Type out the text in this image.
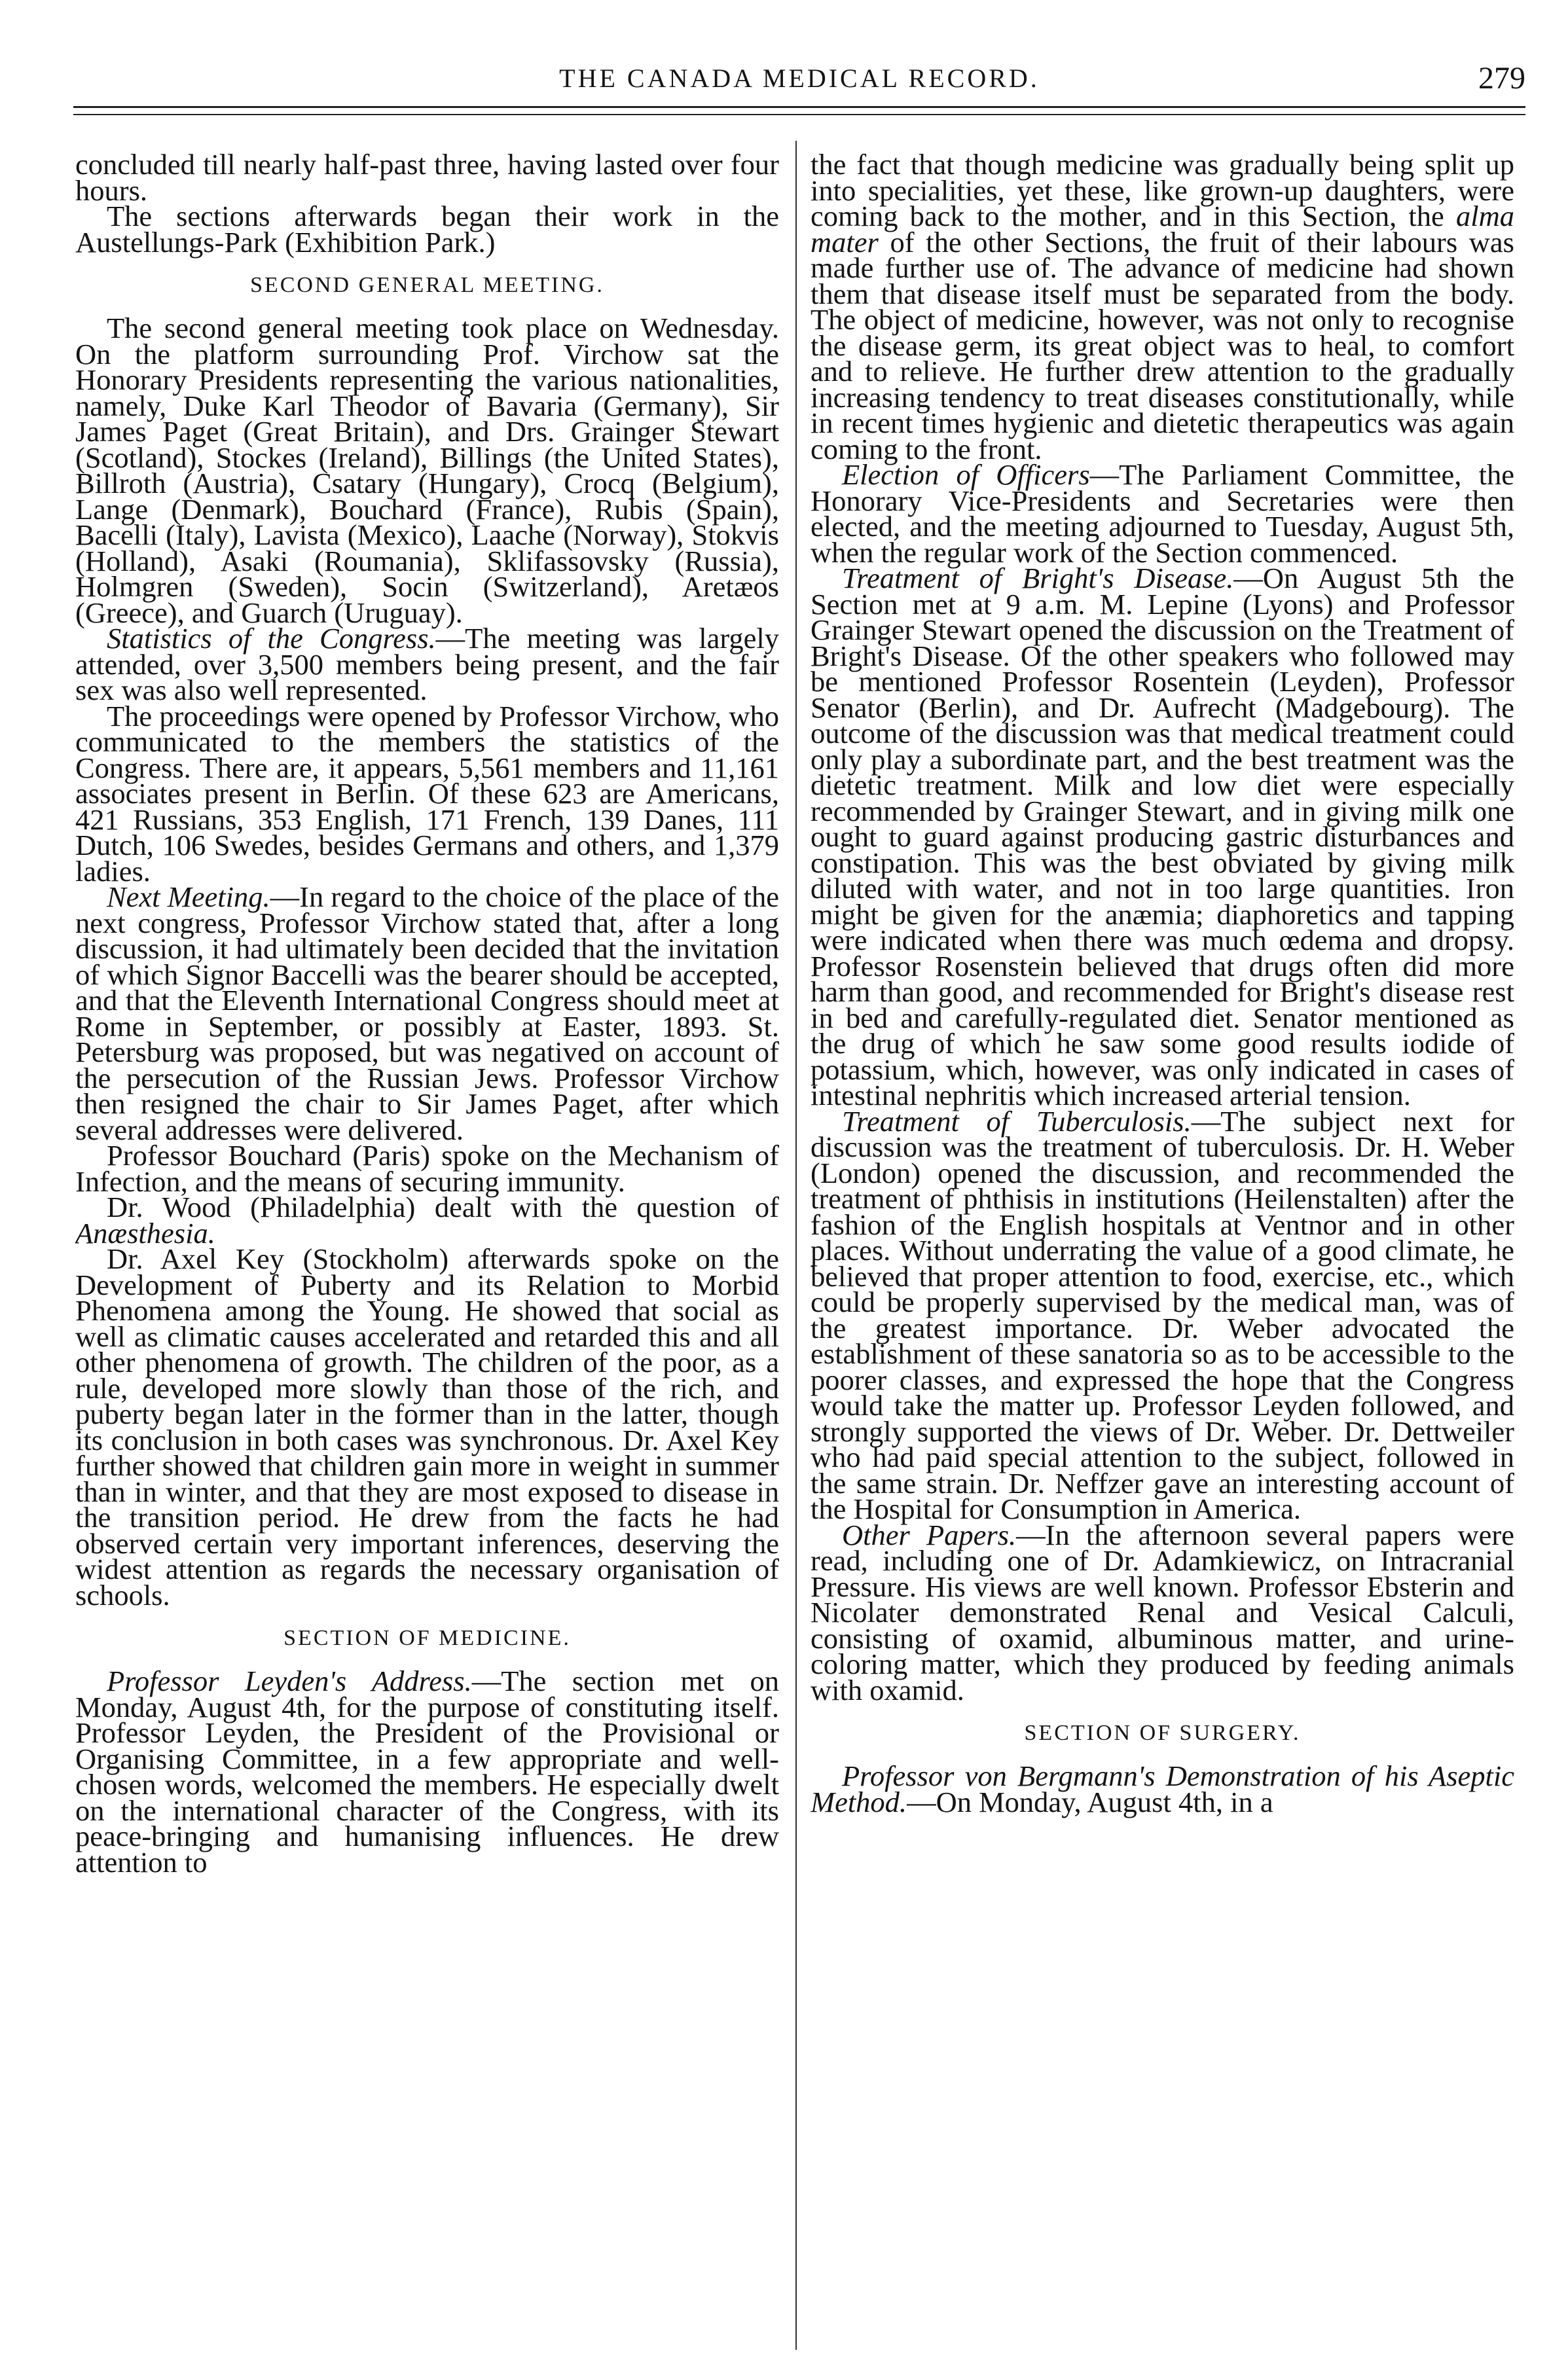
THE CANADA MEDICAL RECORD.	279

concluded till nearly half-past three, having lasted over four hours.

The sections afterwards began their work in the Austellungs-Park (Exhibition Park.)

SECOND GENERAL MEETING.

The second general meeting took place on Wednesday. On the platform surrounding Prof. Virchow sat the Honorary Presidents representing the various nationalities, namely, Duke Karl Theodor of Bavaria (Germany), Sir James Paget (Great Britain), and Drs. Grainger Stewart (Scotland), Stockes (Ireland), Billings (the United States), Billroth (Austria), Csatary (Hungary), Crocq (Belgium), Lange (Denmark), Bouchard (France), Rubis (Spain), Bacelli (Italy), Lavista (Mexico), Laache (Norway), Stokvis (Holland), Asaki (Roumania), Sklifassovsky (Russia), Holmgren (Sweden), Socin (Switzerland), Aretæos (Greece), and Guarch (Uruguay).

Statistics of the Congress.—The meeting was largely attended, over 3,500 members being present, and the fair sex was also well represented.

The proceedings were opened by Professor Virchow, who communicated to the members the statistics of the Congress. There are, it appears, 5,561 members and 11,161 associates present in Berlin. Of these 623 are Americans, 421 Russians, 353 English, 171 French, 139 Danes, 111 Dutch, 106 Swedes, besides Germans and others, and 1,379 ladies.

Next Meeting.—In regard to the choice of the place of the next congress, Professor Virchow stated that, after a long discussion, it had ultimately been decided that the invitation of which Signor Baccelli was the bearer should be accepted, and that the Eleventh International Congress should meet at Rome in September, or possibly at Easter, 1893. St. Petersburg was proposed, but was negatived on account of the persecution of the Russian Jews. Professor Virchow then resigned the chair to Sir James Paget, after which several addresses were delivered.

Professor Bouchard (Paris) spoke on the Mechanism of Infection, and the means of securing immunity.

Dr. Wood (Philadelphia) dealt with the question of Anæsthesia.

Dr. Axel Key (Stockholm) afterwards spoke on the Development of Puberty and its Relation to Morbid Phenomena among the Young. He showed that social as well as climatic causes accelerated and retarded this and all other phenomena of growth. The children of the poor, as a rule, developed more slowly than those of the rich, and puberty began later in the former than in the latter, though its conclusion in both cases was synchronous. Dr. Axel Key further showed that children gain more in weight in summer than in winter, and that they are most exposed to disease in the transition period. He drew from the facts he had observed certain very important inferences, deserving the widest attention as regards the necessary organisation of schools.

SECTION OF MEDICINE.

Professor Leyden's Address.—The section met on Monday, August 4th, for the purpose of constituting itself. Professor Leyden, the President of the Provisional or Organising Committee, in a few appropriate and well-chosen words, welcomed the members. He especially dwelt on the international character of the Congress, with its peace-bringing and humanising influences. He drew attention to

the fact that though medicine was gradually being split up into specialities, yet these, like grown-up daughters, were coming back to the mother, and in this Section, the alma mater of the other Sections, the fruit of their labours was made further use of. The advance of medicine had shown them that disease itself must be separated from the body. The object of medicine, however, was not only to recognise the disease germ, its great object was to heal, to comfort and to relieve. He further drew attention to the gradually increasing tendency to treat diseases constitutionally, while in recent times hygienic and dietetic therapeutics was again coming to the front.

Election of Officers—The Parliament Committee, the Honorary Vice-Presidents and Secretaries were then elected, and the meeting adjourned to Tuesday, August 5th, when the regular work of the Section commenced.

Treatment of Bright's Disease.—On August 5th the Section met at 9 a.m. M. Lepine (Lyons) and Professor Grainger Stewart opened the discussion on the Treatment of Bright's Disease. Of the other speakers who followed may be mentioned Professor Rosentein (Leyden), Professor Senator (Berlin), and Dr. Aufrecht (Madgebourg). The outcome of the discussion was that medical treatment could only play a subordinate part, and the best treatment was the dietetic treatment. Milk and low diet were especially recommended by Grainger Stewart, and in giving milk one ought to guard against producing gastric disturbances and constipation. This was the best obviated by giving milk diluted with water, and not in too large quantities. Iron might be given for the anæmia; diaphoretics and tapping were indicated when there was much œdema and dropsy. Professor Rosenstein believed that drugs often did more harm than good, and recommended for Bright's disease rest in bed and carefully-regulated diet. Senator mentioned as the drug of which he saw some good results iodide of potassium, which, however, was only indicated in cases of intestinal nephritis which increased arterial tension.

Treatment of Tuberculosis.—The subject next for discussion was the treatment of tuberculosis. Dr. H. Weber (London) opened the discussion, and recommended the treatment of phthisis in institutions (Heilenstalten) after the fashion of the English hospitals at Ventnor and in other places. Without underrating the value of a good climate, he believed that proper attention to food, exercise, etc., which could be properly supervised by the medical man, was of the greatest importance. Dr. Weber advocated the establishment of these sanatoria so as to be accessible to the poorer classes, and expressed the hope that the Congress would take the matter up. Professor Leyden followed, and strongly supported the views of Dr. Weber. Dr. Dettweiler who had paid special attention to the subject, followed in the same strain. Dr. Neffzer gave an interesting account of the Hospital for Consumption in America.

Other Papers.—In the afternoon several papers were read, including one of Dr. Adamkiewicz, on Intracranial Pressure. His views are well known. Professor Ebsterin and Nicolater demonstrated Renal and Vesical Calculi, consisting of oxamid, albuminous matter, and urine-coloring matter, which they produced by feeding animals with oxamid.

SECTION OF SURGERY.

Professor von Bergmann's Demonstration of his Aseptic Method.—On Monday, August 4th, in a
